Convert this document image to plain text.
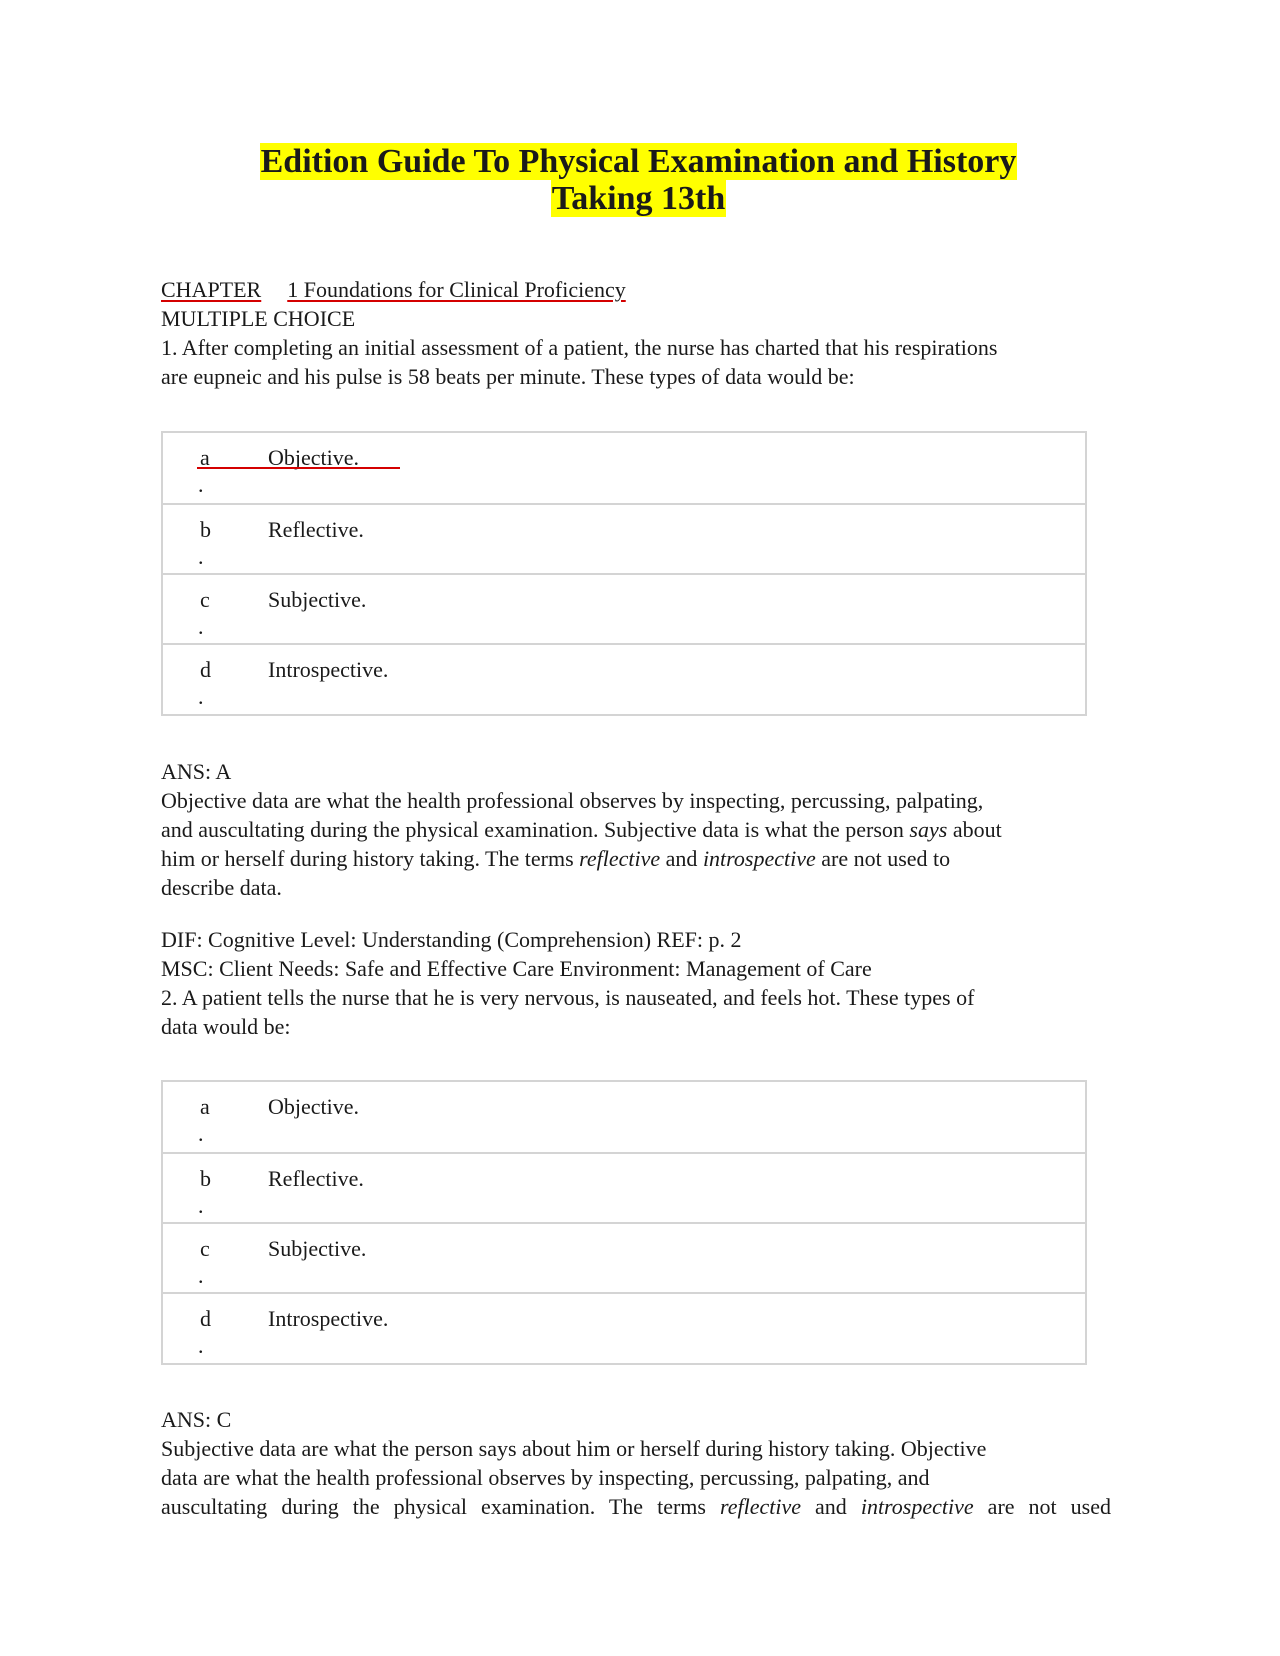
Edition Guide To Physical Examination and History
Taking 13th
CHAPTER 1 Foundations for Clinical Proficiency
MULTIPLE CHOICE
1. After completing an initial assessment of a patient, the nurse has charted that his respirations
are eupneic and his pulse is 58 beats per minute. These types of data would be:
a
.
Objective.
b
.
Reflective.
c
.
Subjective.
d
.
Introspective.
ANS: A
Objective data are what the health professional observes by inspecting, percussing, palpating,
and auscultating during the physical examination. Subjective data is what the person says about
him or herself during history taking. The terms reflective and introspective are not used to
describe data.
DIF: Cognitive Level: Understanding (Comprehension) REF: p. 2
MSC: Client Needs: Safe and Effective Care Environment: Management of Care
2. A patient tells the nurse that he is very nervous, is nauseated, and feels hot. These types of
data would be:
a
.
Objective.
b
.
Reflective.
c
.
Subjective.
d
.
Introspective.
ANS: C
Subjective data are what the person says about him or herself during history taking. Objective
data are what the health professional observes by inspecting, percussing, palpating, and
auscultating during the physical examination. The terms reflective and introspective are not used
